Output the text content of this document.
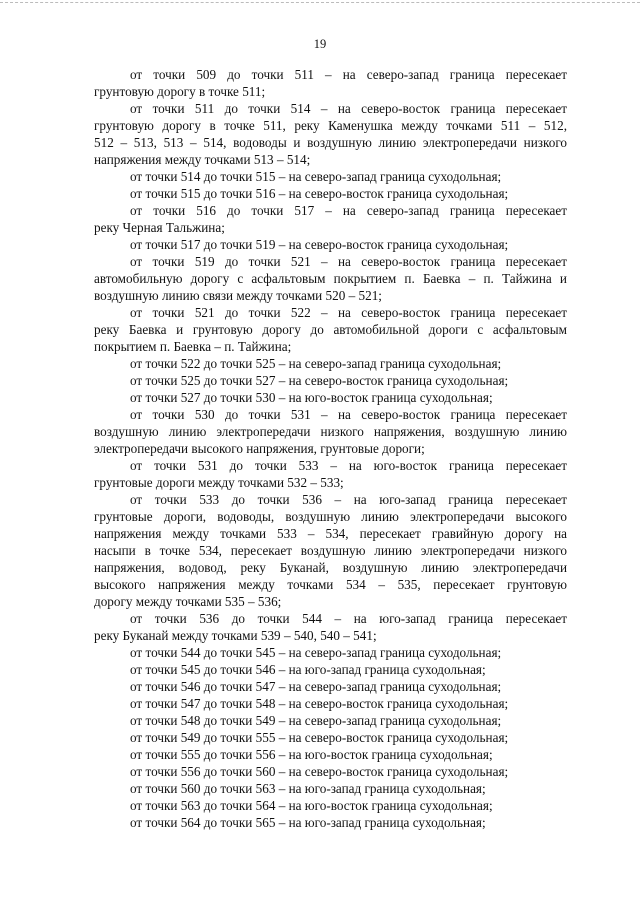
19
от точки 509 до точки 511 – на северо-запад граница пересекает
грунтовую дорогу в точке 511;
от точки 511 до точки 514 – на северо-восток граница пересекает
грунтовую дорогу в точке 511, реку Каменушка между точками 511 – 512,
512 – 513, 513 – 514, водоводы и воздушную линию электропередачи низкого
напряжения между точками 513 – 514;
от точки 514 до точки 515 – на северо-запад граница суходольная;
от точки 515 до точки 516 – на северо-восток граница суходольная;
от точки 516 до точки 517 – на северо-запад граница пересекает
реку Черная Тальжина;
от точки 517 до точки 519 – на северо-восток граница суходольная;
от точки 519 до точки 521 – на северо-восток граница пересекает
автомобильную дорогу с асфальтовым покрытием п. Баевка – п. Тайжина и
воздушную линию связи между точками 520 – 521;
от точки 521 до точки 522 – на северо-восток граница пересекает
реку Баевка и грунтовую дорогу до автомобильной дороги с асфальтовым
покрытием п. Баевка – п. Тайжина;
от точки 522 до точки 525 – на северо-запад граница суходольная;
от точки 525 до точки 527 – на северо-восток граница суходольная;
от точки 527 до точки 530 – на юго-восток граница суходольная;
от точки 530 до точки 531 – на северо-восток граница пересекает
воздушную линию электропередачи низкого напряжения, воздушную линию
электропередачи высокого напряжения, грунтовые дороги;
от точки 531 до точки 533 – на юго-восток граница пересекает
грунтовые дороги между точками 532 – 533;
от точки 533 до точки 536 – на юго-запад граница пересекает
грунтовые дороги, водоводы, воздушную линию электропередачи высокого
напряжения между точками 533 – 534, пересекает гравийную дорогу на
насыпи в точке 534, пересекает воздушную линию электропередачи низкого
напряжения, водовод, реку Буканай, воздушную линию электропередачи
высокого напряжения между точками 534 – 535, пересекает грунтовую
дорогу между точками 535 – 536;
от точки 536 до точки 544 – на юго-запад граница пересекает
реку Буканай между точками 539 – 540, 540 – 541;
от точки 544 до точки 545 – на северо-запад граница суходольная;
от точки 545 до точки 546 – на юго-запад граница суходольная;
от точки 546 до точки 547 – на северо-запад граница суходольная;
от точки 547 до точки 548 – на северо-восток граница суходольная;
от точки 548 до точки 549 – на северо-запад граница суходольная;
от точки 549 до точки 555 – на северо-восток граница суходольная;
от точки 555 до точки 556 – на юго-восток граница суходольная;
от точки 556 до точки 560 – на северо-восток граница суходольная;
от точки 560 до точки 563 – на юго-запад граница суходольная;
от точки 563 до точки 564 – на юго-восток граница суходольная;
от точки 564 до точки 565 – на юго-запад граница суходольная;
